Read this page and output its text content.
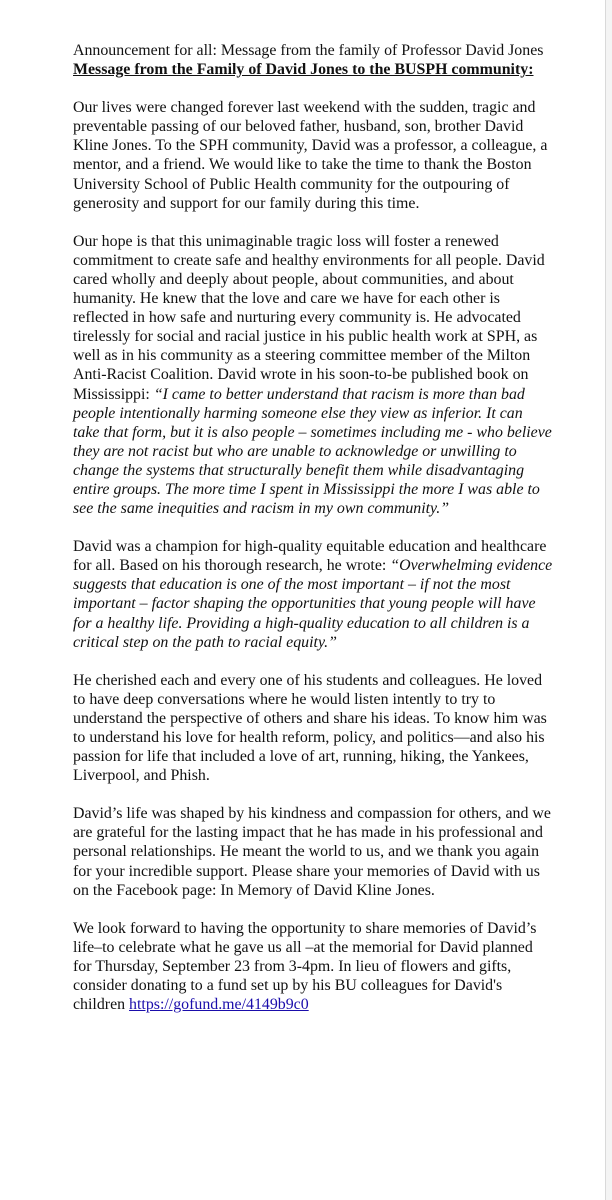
Announcement for all: Message from the family of Professor David Jones

Message from the Family of David Jones to the BUSPH community:

Our lives were changed forever last weekend with the sudden, tragic and preventable passing of our beloved father, husband, son, brother David Kline Jones. To the SPH community, David was a professor, a colleague, a mentor, and a friend. We would like to take the time to thank the Boston University School of Public Health community for the outpouring of generosity and support for our family during this time.

Our hope is that this unimaginable tragic loss will foster a renewed commitment to create safe and healthy environments for all people. David cared wholly and deeply about people, about communities, and about humanity. He knew that the love and care we have for each other is reflected in how safe and nurturing every community is. He advocated tirelessly for social and racial justice in his public health work at SPH, as well as in his community as a steering committee member of the Milton Anti-Racist Coalition. David wrote in his soon-to-be published book on Mississippi: “I came to better understand that racism is more than bad people intentionally harming someone else they view as inferior. It can take that form, but it is also people – sometimes including me - who believe they are not racist but who are unable to acknowledge or unwilling to change the systems that structurally benefit them while disadvantaging entire groups. The more time I spent in Mississippi the more I was able to see the same inequities and racism in my own community.”

David was a champion for high-quality equitable education and healthcare for all. Based on his thorough research, he wrote: “Overwhelming evidence suggests that education is one of the most important – if not the most important – factor shaping the opportunities that young people will have for a healthy life. Providing a high-quality education to all children is a critical step on the path to racial equity.”

He cherished each and every one of his students and colleagues. He loved to have deep conversations where he would listen intently to try to understand the perspective of others and share his ideas. To know him was to understand his love for health reform, policy, and politics—and also his passion for life that included a love of art, running, hiking, the Yankees, Liverpool, and Phish.

David’s life was shaped by his kindness and compassion for others, and we are grateful for the lasting impact that he has made in his professional and personal relationships. He meant the world to us, and we thank you again for your incredible support. Please share your memories of David with us on the Facebook page: In Memory of David Kline Jones.

We look forward to having the opportunity to share memories of David’s life–to celebrate what he gave us all –at the memorial for David planned for Thursday, September 23 from 3-4pm. In lieu of flowers and gifts, consider donating to a fund set up by his BU colleagues for David's children https://gofund.me/4149b9c0
